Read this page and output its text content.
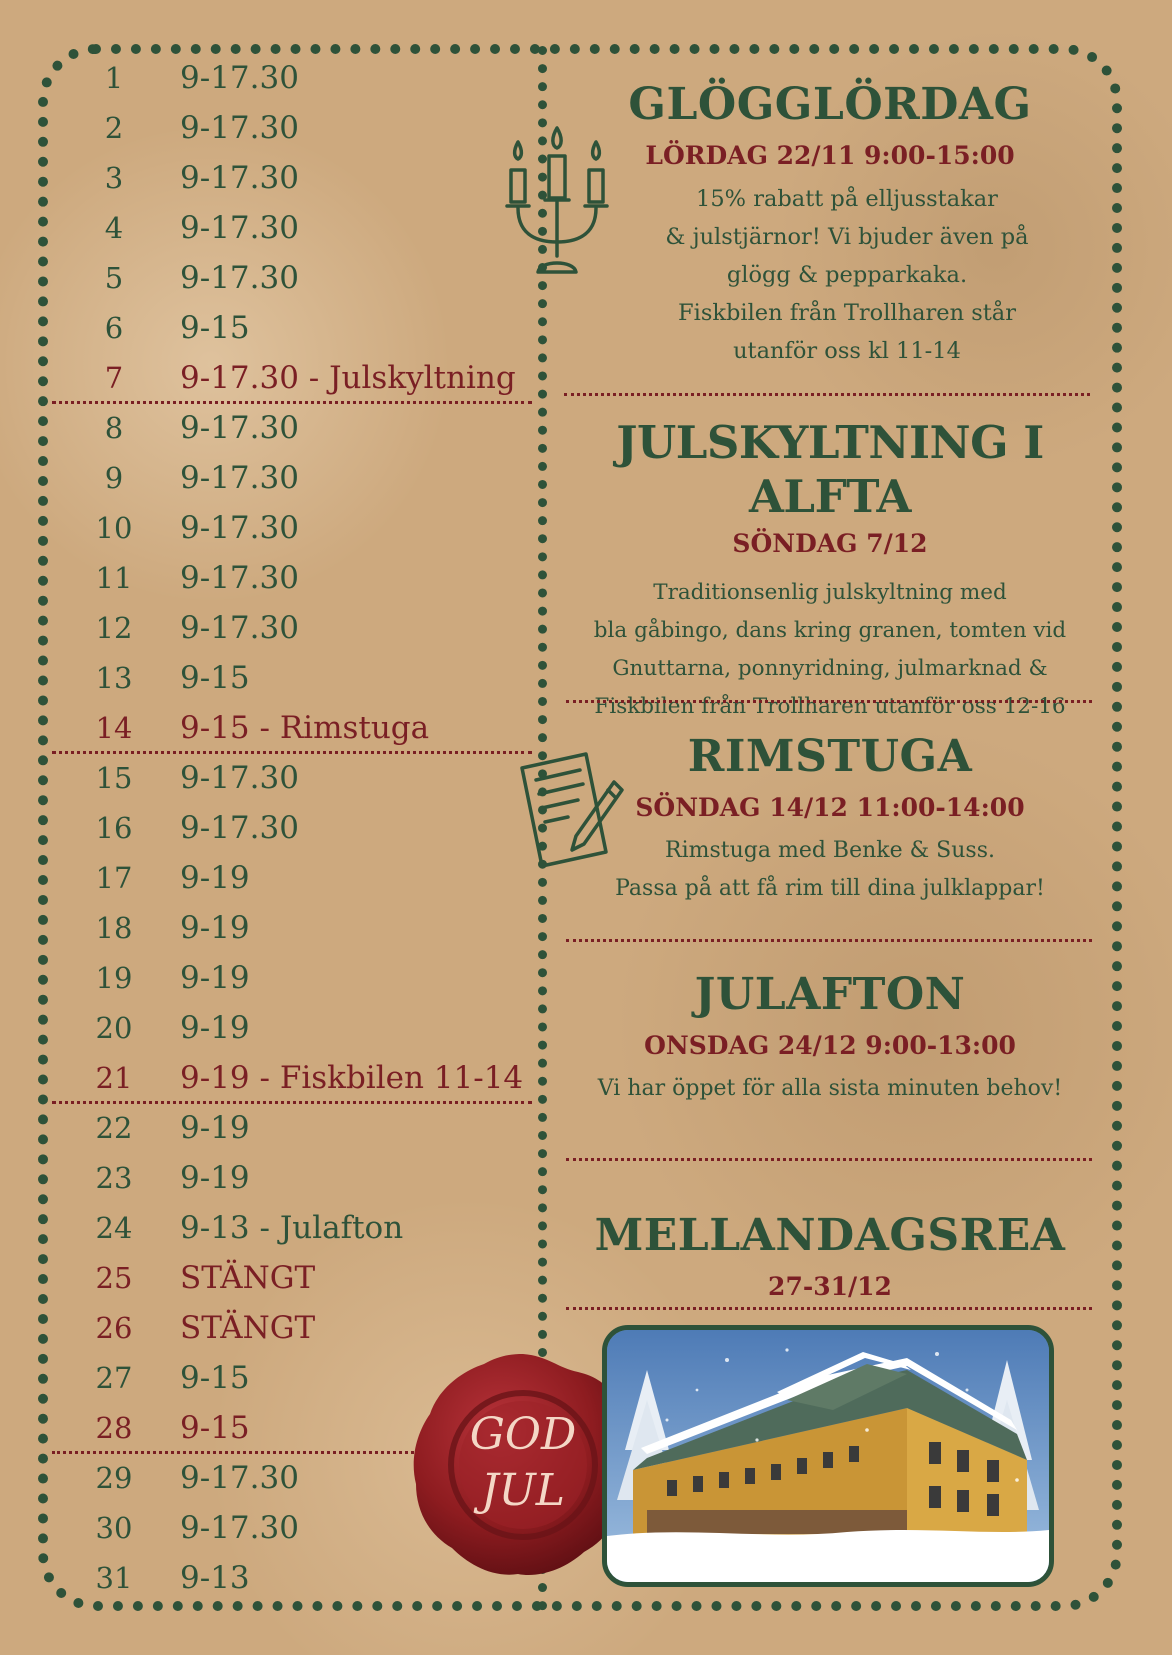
1	9-17.30
2	9-17.30
3	9-17.30
4	9-17.30
5	9-17.30
6	9-15
7	9-17.30 - Julskyltning
8	9-17.30
9	9-17.30
10	9-17.30
11	9-17.30
12	9-17.30
13	9-15
14	9-15 - Rimstuga
15	9-17.30
16	9-17.30
17	9-19
18	9-19
19	9-19
20	9-19
21	9-19 - Fiskbilen 11-14
22	9-19
23	9-19
24	9-13 - Julafton
25	STÄNGT
26	STÄNGT
27	9-15
28	9-15
29	9-17.30
30	9-17.30
31	9-13
GLÖGGLÖRDAG
LÖRDAG 22/11 9:00-15:00
15% rabatt på elljusstakar
& julstjärnor! Vi bjuder även på
glögg & pepparkaka.
Fiskbilen från Trollharen står
utanför oss kl 11-14
JULSKYLTNING I ALFTA
SÖNDAG 7/12
Traditionsenlig julskyltning med
bla gåbingo, dans kring granen, tomten vid
Gnuttarna, ponnyridning, julmarknad &
Fiskbilen från Trollharen utanför oss 12-16
RIMSTUGA
SÖNDAG 14/12 11:00-14:00
Rimstuga med Benke & Suss.
Passa på att få rim till dina julklappar!
JULAFTON
ONSDAG 24/12 9:00-13:00
Vi har öppet för alla sista minuten behov!
MELLANDAGSREA
27-31/12
GOD
JUL
